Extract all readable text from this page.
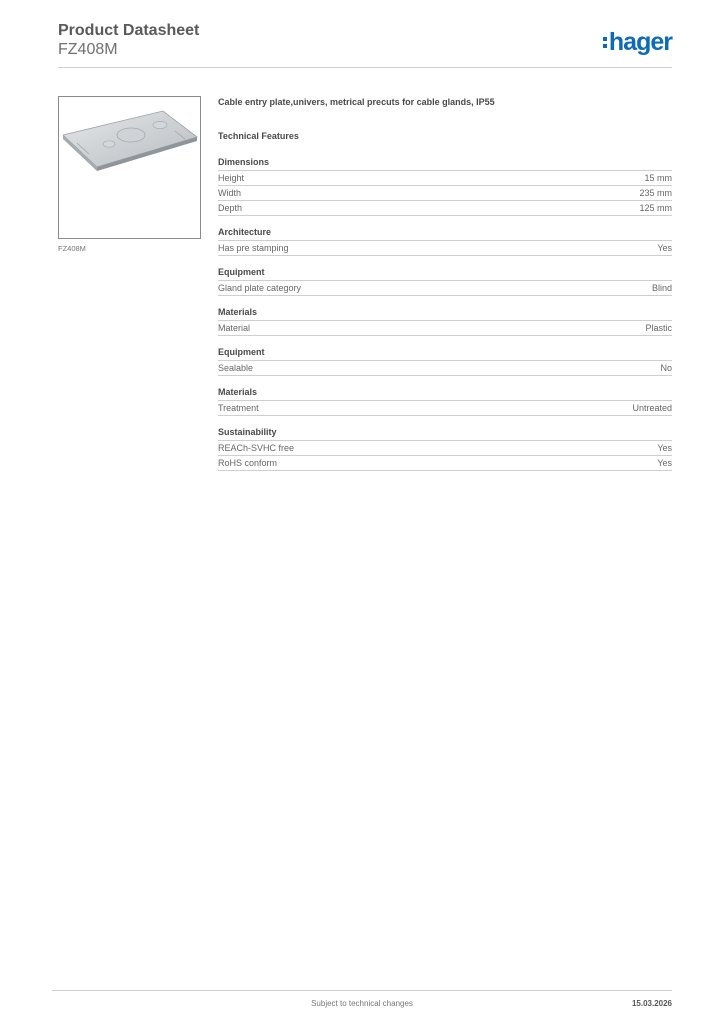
Product Datasheet
FZ408M	hager
FZ408M
Cable entry plate,univers, metrical precuts for cable glands, IP55
Technical Features
Dimensions
Height	15 mm
Width	235 mm
Depth	125 mm
Architecture
Has pre stamping	Yes
Equipment
Gland plate category	Blind
Materials
Material	Plastic
Equipment
Sealable	No
Materials
Treatment	Untreated
Sustainability
REACh-SVHC free	Yes
RoHS conform	Yes
Subject to technical changes	15.03.2026
